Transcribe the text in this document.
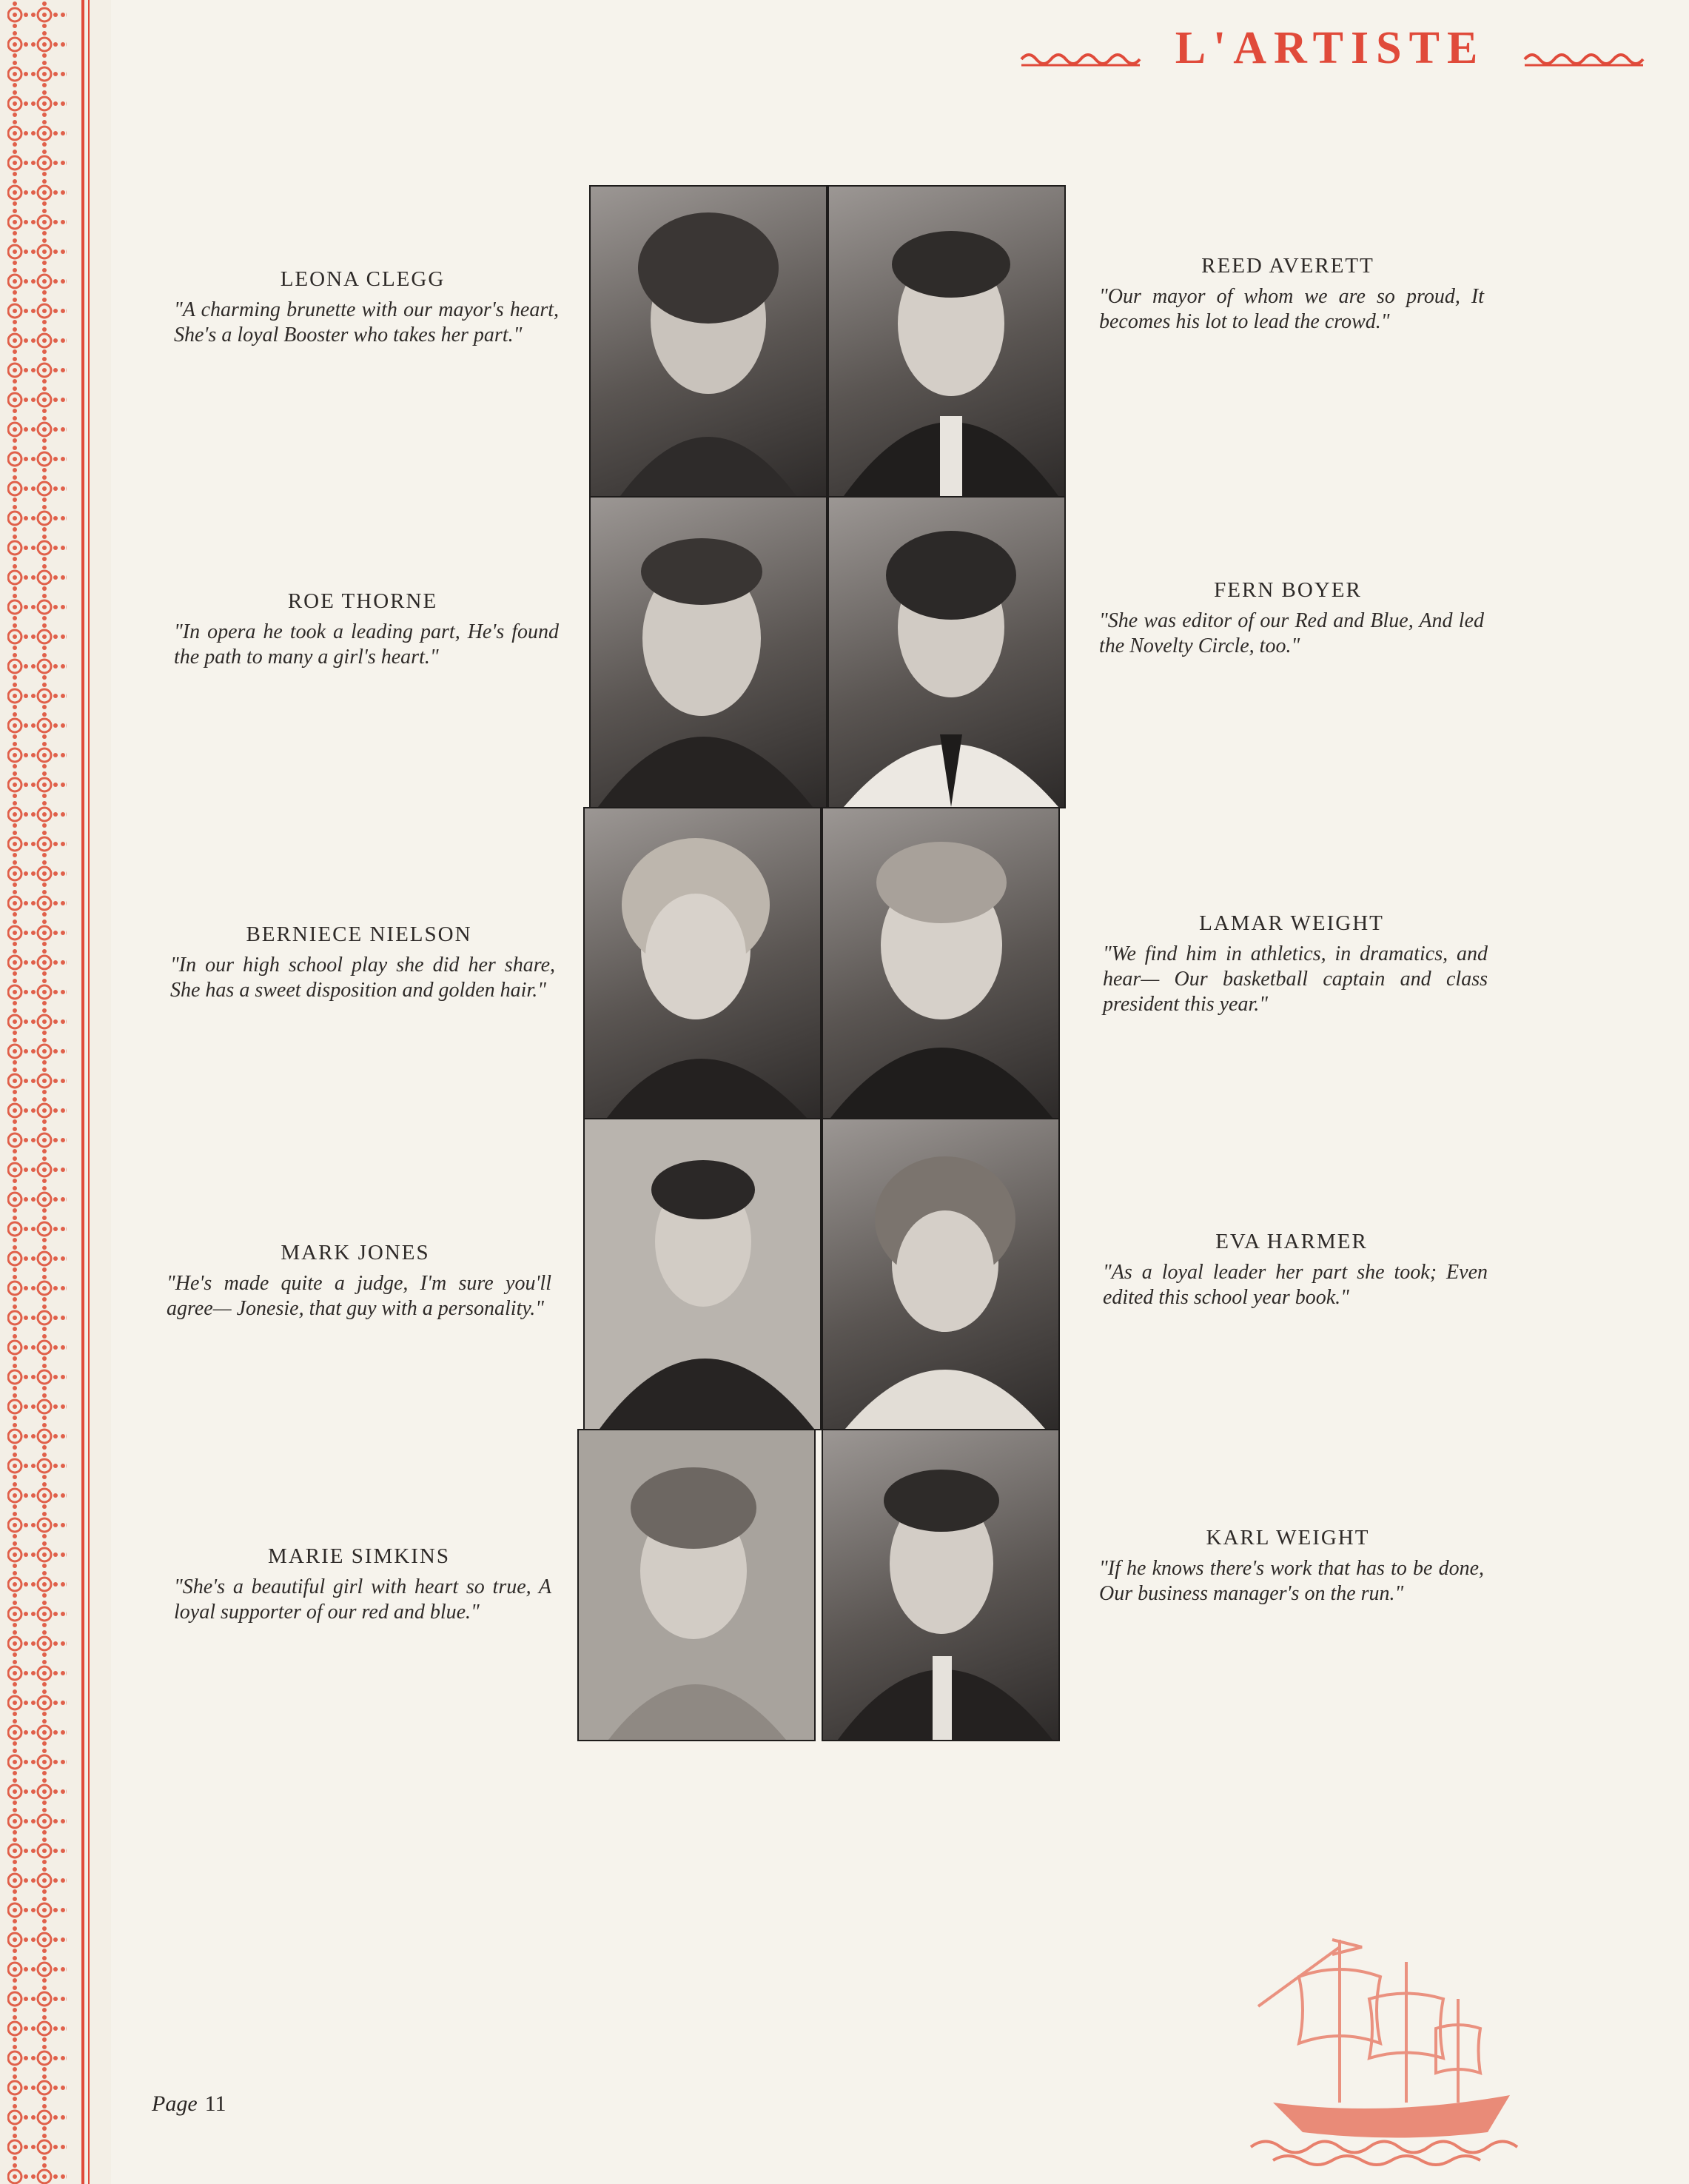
L'ARTISTE
LEONA CLEGG
"A charming brunette with our mayor's heart, She's a loyal Booster who takes her part."
ROE THORNE
"In opera he took a leading part, He's found the path to many a girl's heart."
BERNIECE NIELSON
"In our high school play she did her share, She has a sweet disposition and golden hair."
MARK JONES
"He's made quite a judge, I'm sure you'll agree— Jonesie, that guy with a personality."
MARIE SIMKINS
"She's a beautiful girl with heart so true, A loyal supporter of our red and blue."
REED AVERETT
"Our mayor of whom we are so proud, It becomes his lot to lead the crowd."
FERN BOYER
"She was editor of our Red and Blue, And led the Novelty Circle, too."
LAMAR WEIGHT
"We find him in athletics, in dramatics, and hear— Our basketball captain and class president this year."
EVA HARMER
"As a loyal leader her part she took; Even edited this school year book."
KARL WEIGHT
"If he knows there's work that has to be done, Our business manager's on the run."
Page 11
